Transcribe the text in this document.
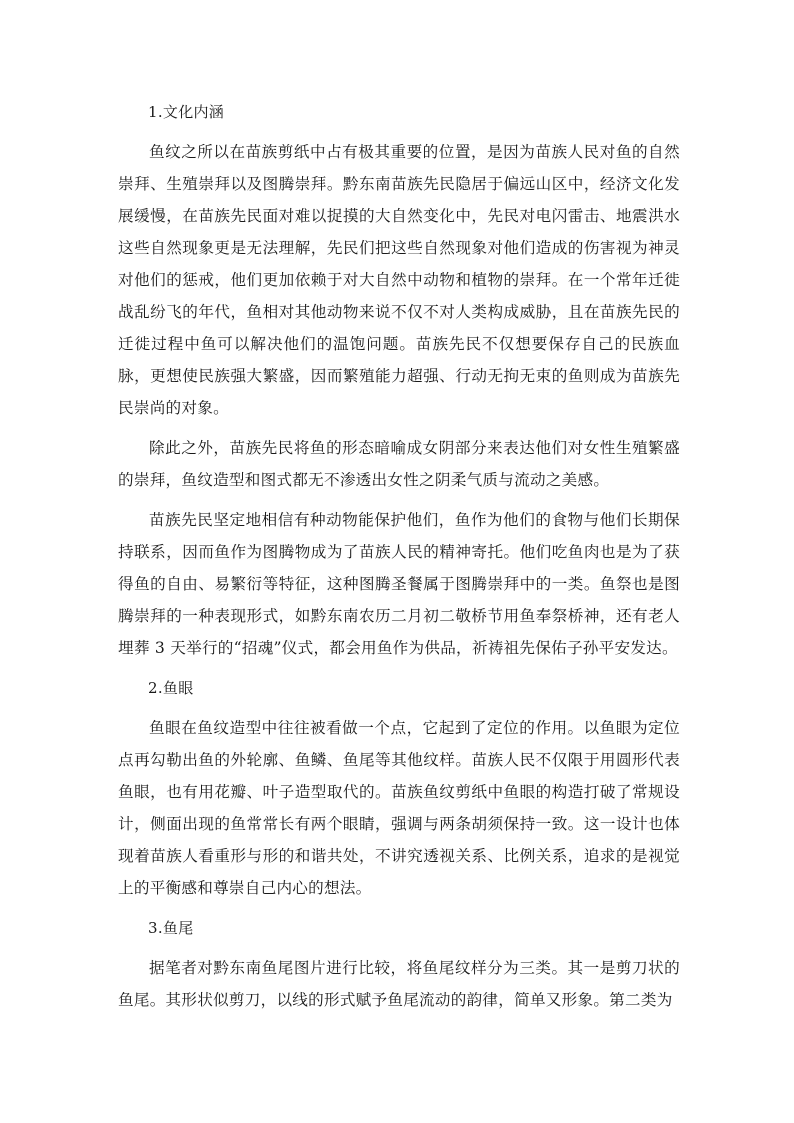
1.文化内涵

鱼纹之所以在苗族剪纸中占有极其重要的位置，是因为苗族人民对鱼的自然崇拜、生殖崇拜以及图腾崇拜。黔东南苗族先民隐居于偏远山区中，经济文化发展缓慢，在苗族先民面对难以捉摸的大自然变化中，先民对电闪雷击、地震洪水这些自然现象更是无法理解，先民们把这些自然现象对他们造成的伤害视为神灵对他们的惩戒，他们更加依赖于对大自然中动物和植物的崇拜。在一个常年迁徙战乱纷飞的年代，鱼相对其他动物来说不仅不对人类构成威胁，且在苗族先民的迁徙过程中鱼可以解决他们的温饱问题。苗族先民不仅想要保存自己的民族血脉，更想使民族强大繁盛，因而繁殖能力超强、行动无拘无束的鱼则成为苗族先民崇尚的对象。

除此之外，苗族先民将鱼的形态暗喻成女阴部分来表达他们对女性生殖繁盛的崇拜，鱼纹造型和图式都无不渗透出女性之阴柔气质与流动之美感。

苗族先民坚定地相信有种动物能保护他们，鱼作为他们的食物与他们长期保持联系，因而鱼作为图腾物成为了苗族人民的精神寄托。他们吃鱼肉也是为了获得鱼的自由、易繁衍等特征，这种图腾圣餐属于图腾崇拜中的一类。鱼祭也是图腾崇拜的一种表现形式，如黔东南农历二月初二敬桥节用鱼奉祭桥神，还有老人埋葬 3 天举行的“招魂”仪式，都会用鱼作为供品，祈祷祖先保佑子孙平安发达。

2.鱼眼

鱼眼在鱼纹造型中往往被看做一个点，它起到了定位的作用。以鱼眼为定位点再勾勒出鱼的外轮廓、鱼鳞、鱼尾等其他纹样。苗族人民不仅限于用圆形代表鱼眼，也有用花瓣、叶子造型取代的。苗族鱼纹剪纸中鱼眼的构造打破了常规设计，侧面出现的鱼常常长有两个眼睛，强调与两条胡须保持一致。这一设计也体现着苗族人看重形与形的和谐共处，不讲究透视关系、比例关系，追求的是视觉上的平衡感和尊崇自己内心的想法。

3.鱼尾

据笔者对黔东南鱼尾图片进行比较，将鱼尾纹样分为三类。其一是剪刀状的鱼尾。其形状似剪刀，以线的形式赋予鱼尾流动的韵律，简单又形象。第二类为
